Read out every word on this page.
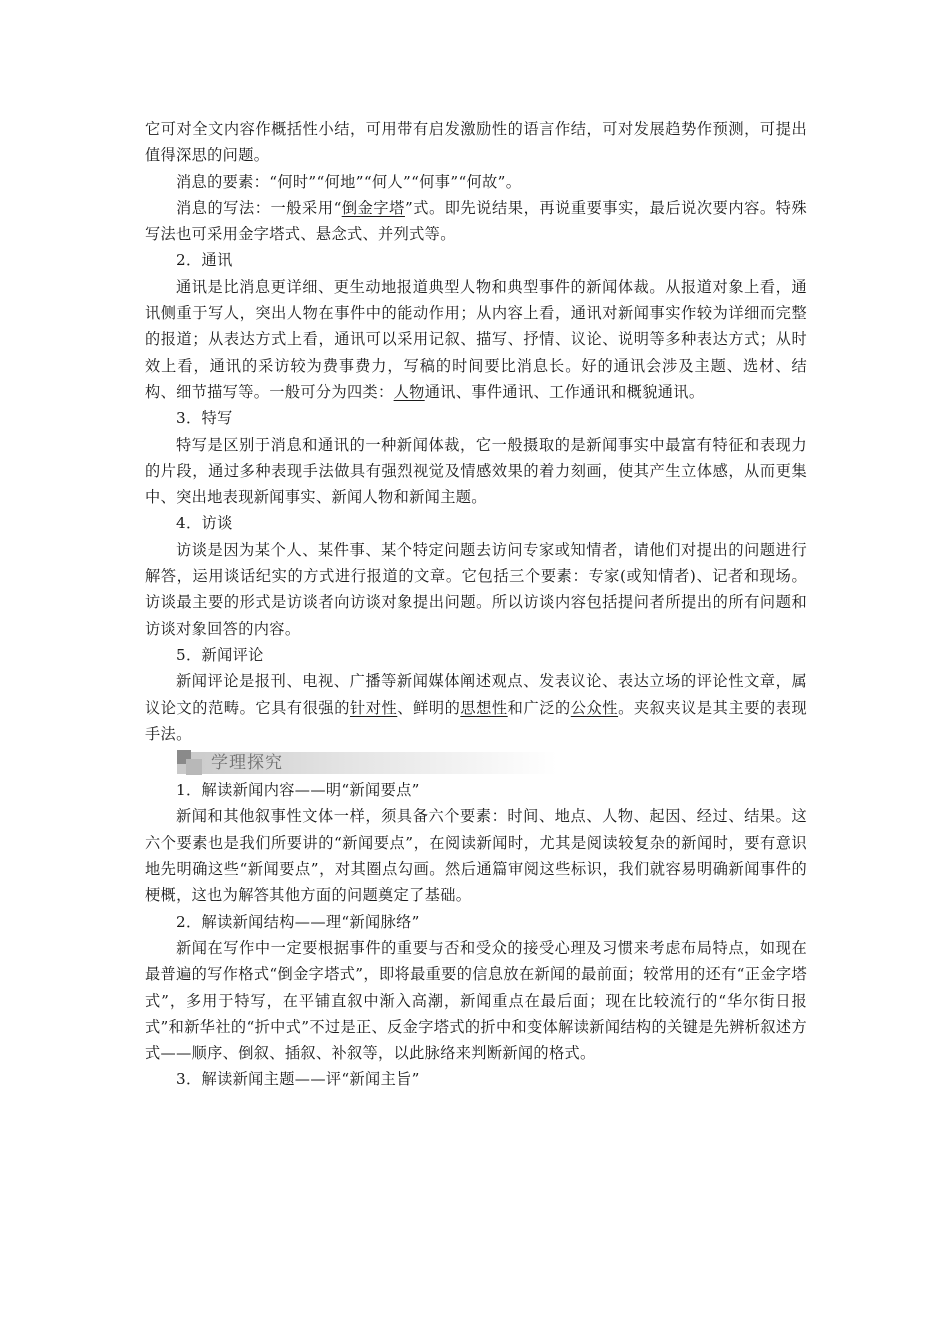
它可对全文内容作概括性小结，可用带有启发激励性的语言作结，可对发展趋势作预测，可提出值得深思的问题。

消息的要素：“何时”“何地”“何人”“何事”“何故”。

消息的写法：一般采用“倒金字塔”式。即先说结果，再说重要事实，最后说次要内容。特殊写法也可采用金字塔式、悬念式、并列式等。

2．通讯

通讯是比消息更详细、更生动地报道典型人物和典型事件的新闻体裁。从报道对象上看，通讯侧重于写人，突出人物在事件中的能动作用；从内容上看，通讯对新闻事实作较为详细而完整的报道；从表达方式上看，通讯可以采用记叙、描写、抒情、议论、说明等多种表达方式；从时效上看，通讯的采访较为费事费力，写稿的时间要比消息长。好的通讯会涉及主题、选材、结构、细节描写等。一般可分为四类：人物通讯、事件通讯、工作通讯和概貌通讯。

3．特写

特写是区别于消息和通讯的一种新闻体裁，它一般摄取的是新闻事实中最富有特征和表现力的片段，通过多种表现手法做具有强烈视觉及情感效果的着力刻画，使其产生立体感，从而更集中、突出地表现新闻事实、新闻人物和新闻主题。

4．访谈

访谈是因为某个人、某件事、某个特定问题去访问专家或知情者，请他们对提出的问题进行解答，运用谈话纪实的方式进行报道的文章。它包括三个要素：专家(或知情者)、记者和现场。访谈最主要的形式是访谈者向访谈对象提出问题。所以访谈内容包括提问者所提出的所有问题和访谈对象回答的内容。

5．新闻评论

新闻评论是报刊、电视、广播等新闻媒体阐述观点、发表议论、表达立场的评论性文章，属议论文的范畴。它具有很强的针对性、鲜明的思想性和广泛的公众性。夹叙夹议是其主要的表现手法。

学理探究

1．解读新闻内容——明“新闻要点”

新闻和其他叙事性文体一样，须具备六个要素：时间、地点、人物、起因、经过、结果。这六个要素也是我们所要讲的“新闻要点”，在阅读新闻时，尤其是阅读较复杂的新闻时，要有意识地先明确这些“新闻要点”，对其圈点勾画。然后通篇审阅这些标识，我们就容易明确新闻事件的梗概，这也为解答其他方面的问题奠定了基础。

2．解读新闻结构——理“新闻脉络”

新闻在写作中一定要根据事件的重要与否和受众的接受心理及习惯来考虑布局特点，如现在最普遍的写作格式“倒金字塔式”，即将最重要的信息放在新闻的最前面；较常用的还有“正金字塔式”，多用于特写，在平铺直叙中渐入高潮，新闻重点在最后面；现在比较流行的“华尔街日报式”和新华社的“折中式”不过是正、反金字塔式的折中和变体解读新闻结构的关键是先辨析叙述方式——顺序、倒叙、插叙、补叙等，以此脉络来判断新闻的格式。

3．解读新闻主题——评“新闻主旨”
